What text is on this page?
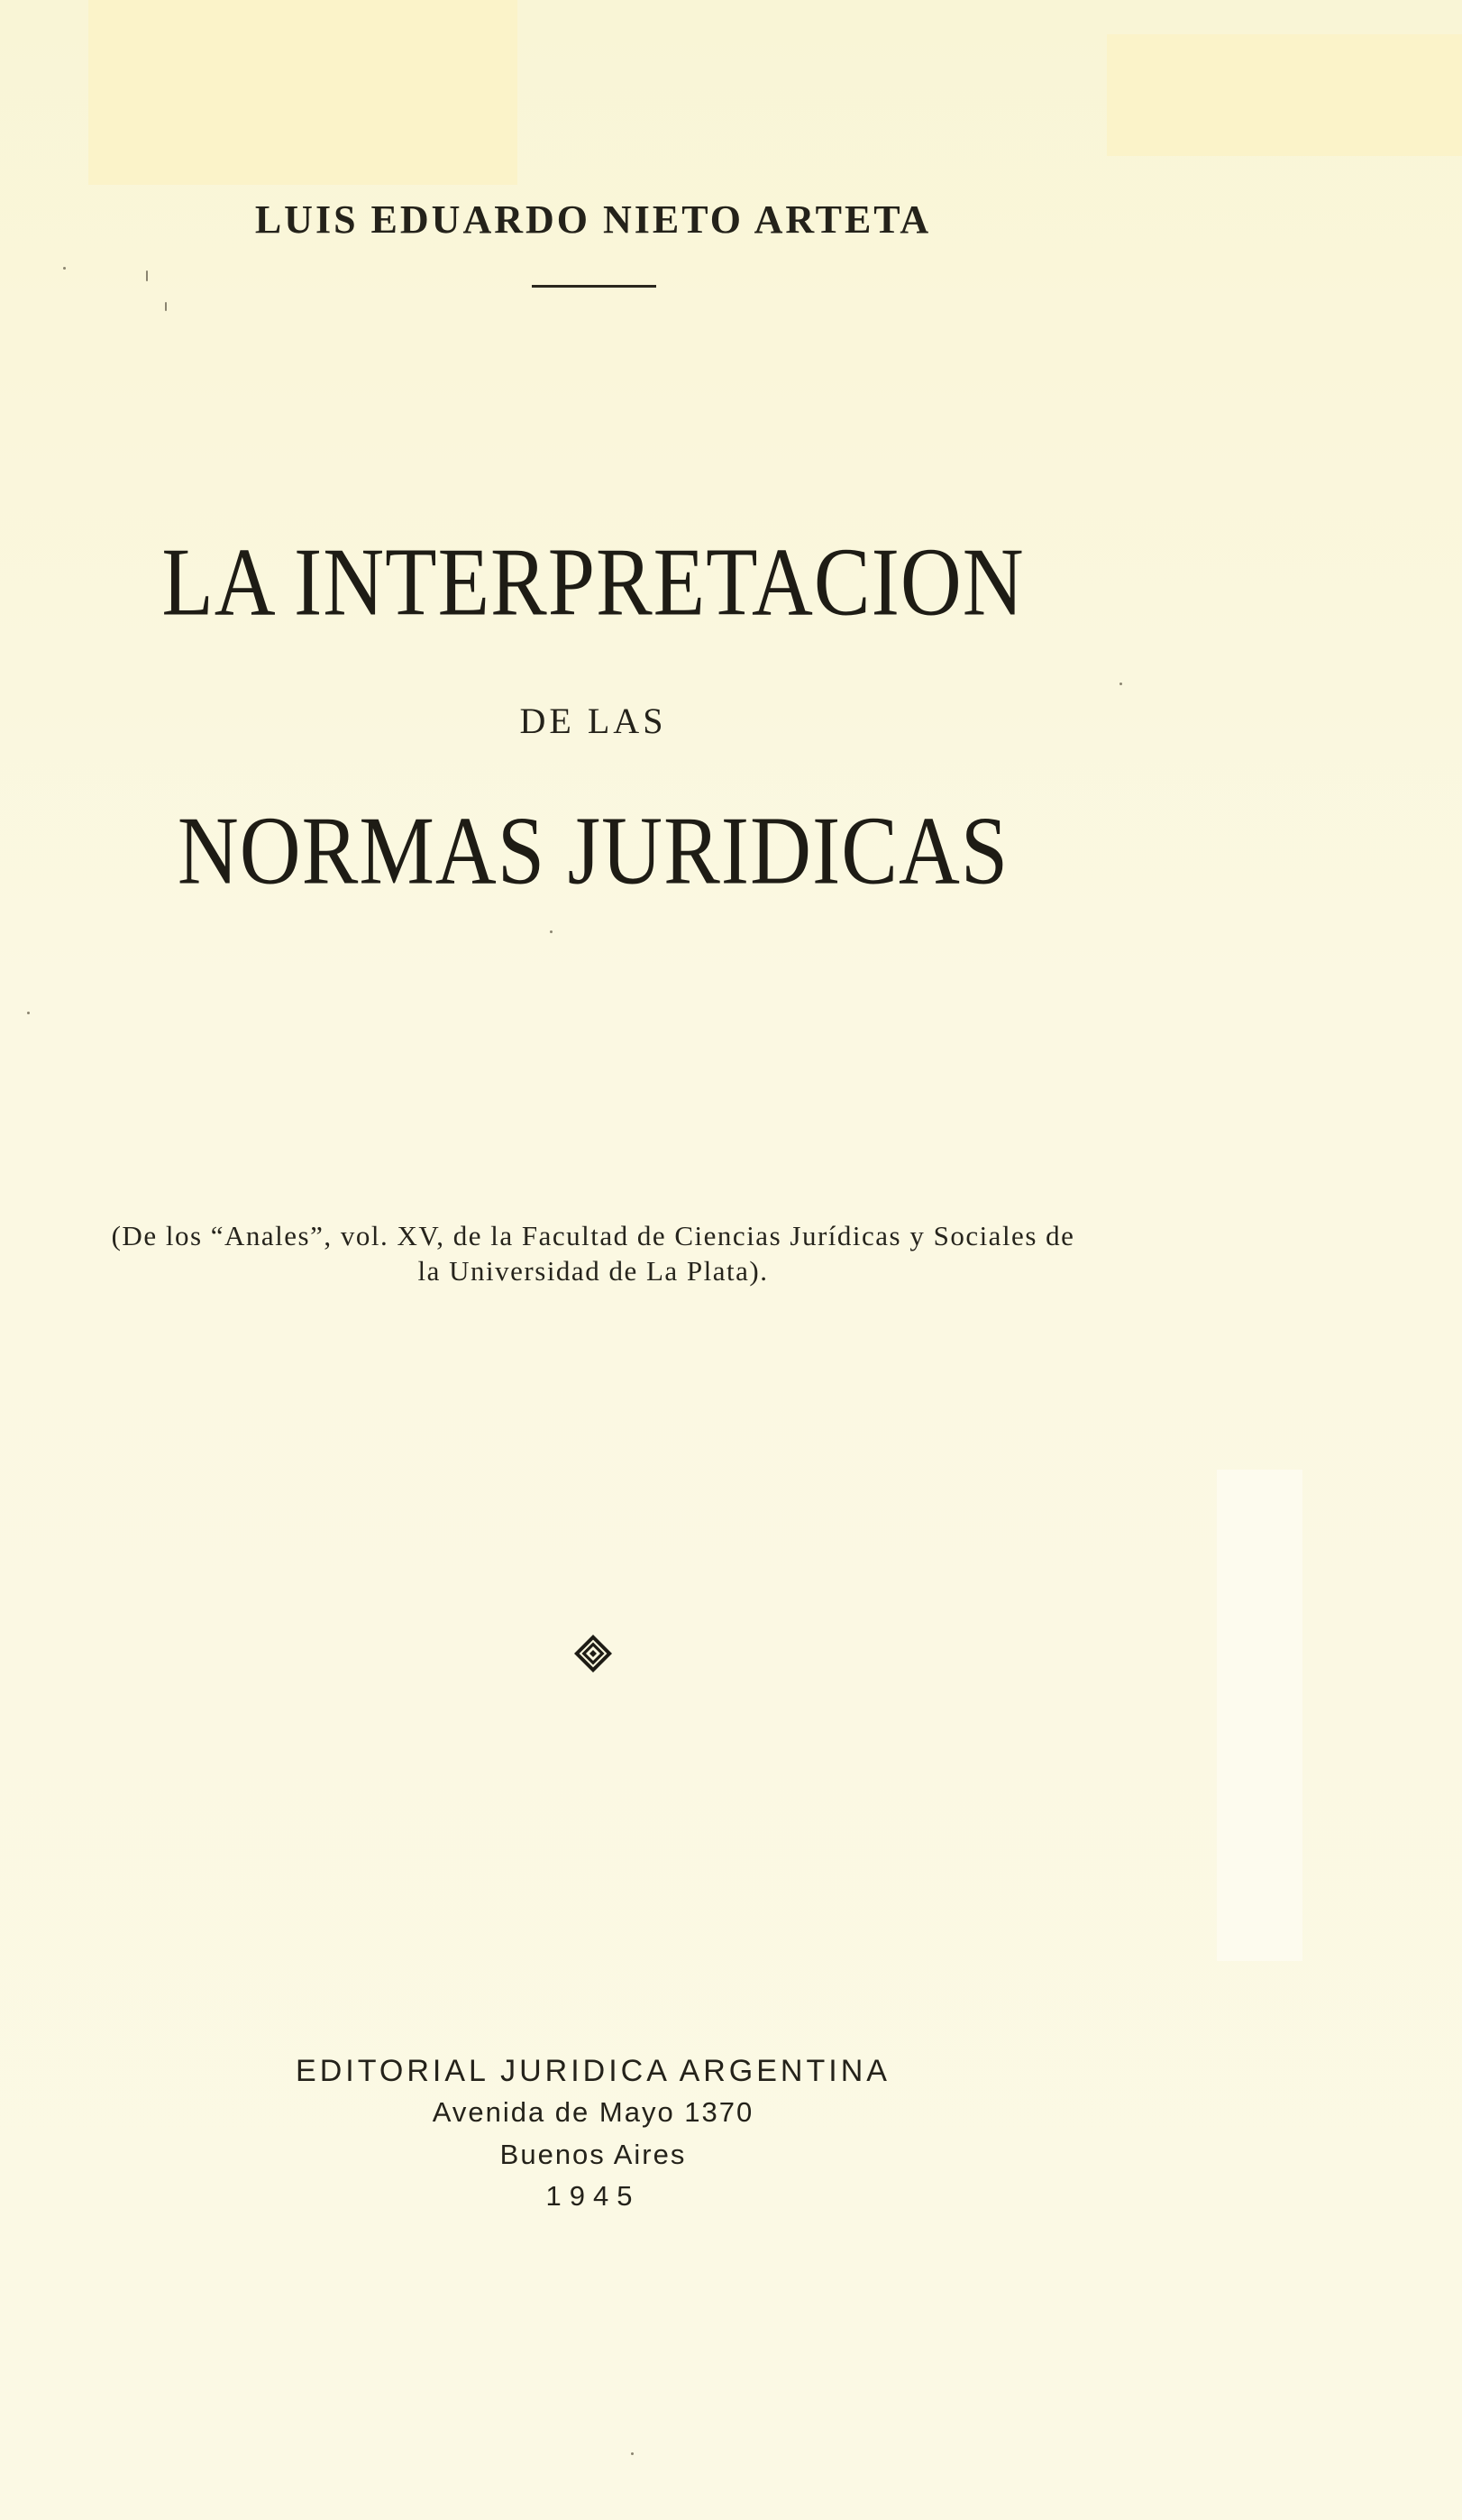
LUIS EDUARDO NIETO ARTETA
LA INTERPRETACION
DE LAS
NORMAS JURIDICAS
(De los “Anales”, vol. XV, de la Facultad de Ciencias Jurídicas y Sociales de
la Universidad de La Plata).
EDITORIAL JURIDICA ARGENTINA
Avenida de Mayo 1370
Buenos Aires
1945
